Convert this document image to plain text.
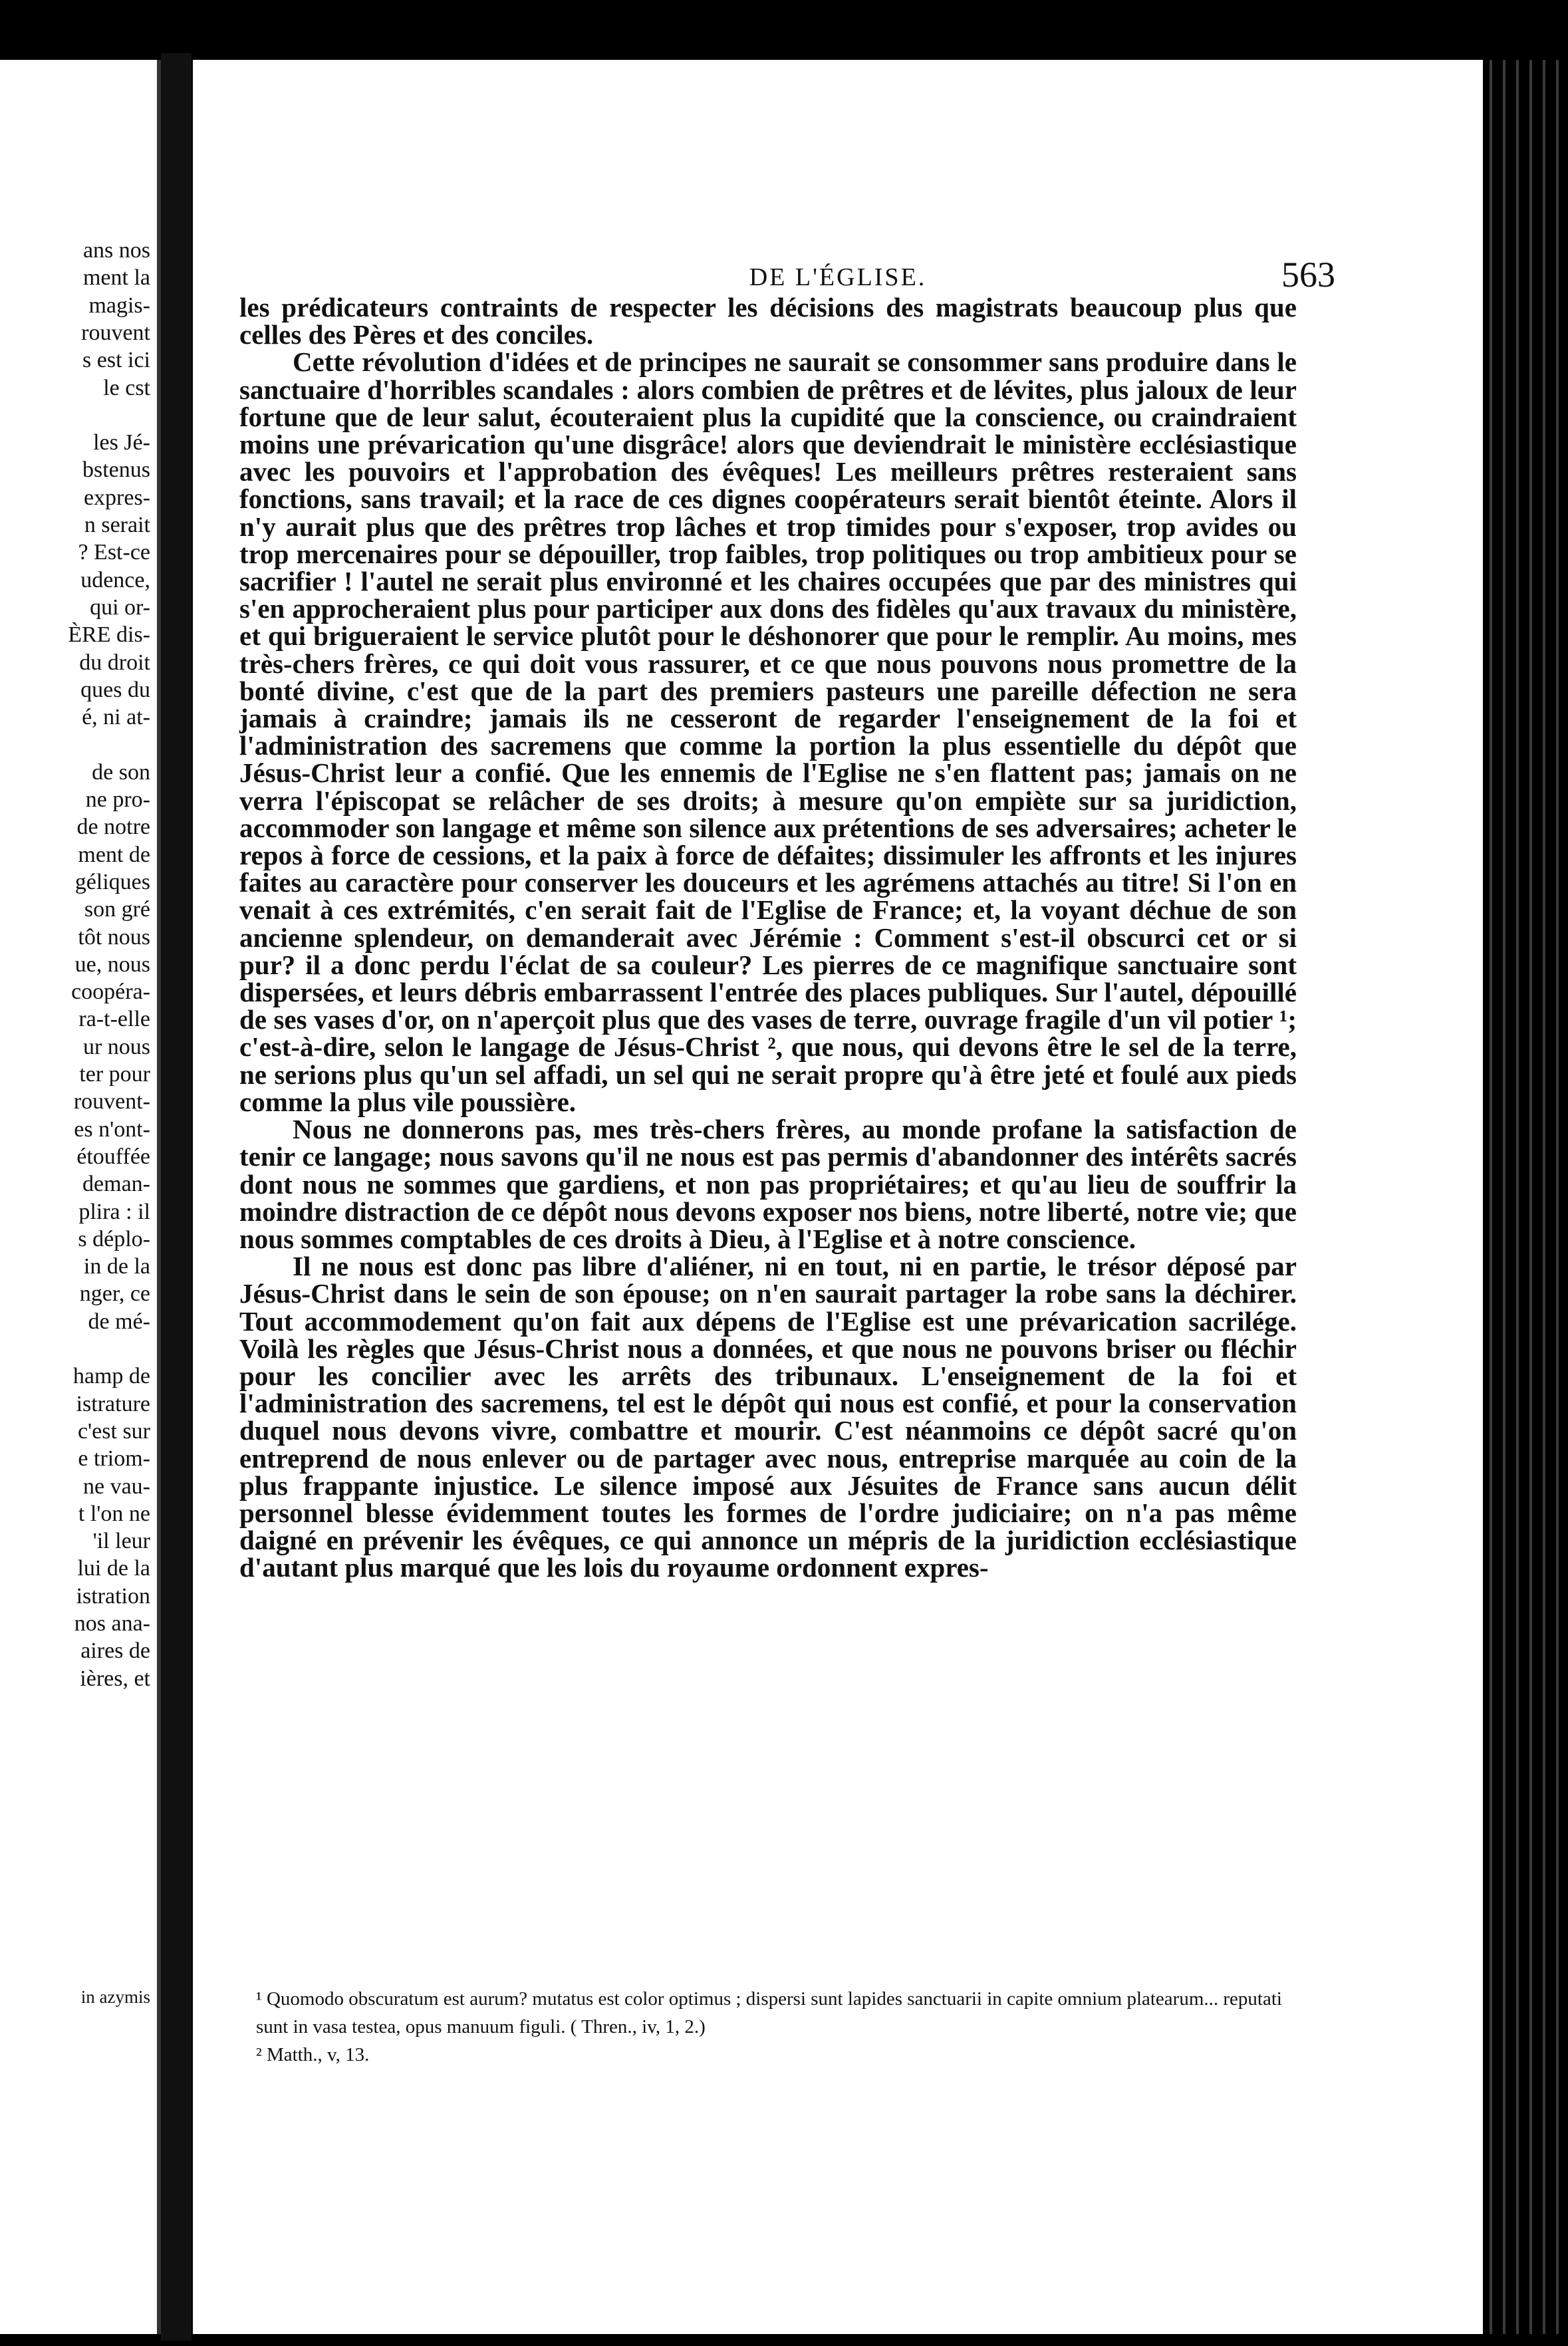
ans nos
ment la
magis-
rouvent
s est ici
le cst
les Jé-
bstenus
expres-
n serait
? Est-ce
udence,
qui or-
ÈRE dis-
du droit
ques du
é, ni at-
de son
ne pro-
de notre
ment de
géliques
son gré
tôt nous
ue, nous
coopéra-
ra-t-elle
ur nous
ter pour
rouvent-
es n'ont-
étouffée
deman-
plira : il
s déplo-
in de la
nger, ce
de mé-
hamp de
istrature
c'est sur
e triom-
ne vau-
t l'on ne
'il leur
lui de la
istration
nos ana-
aires de
ières, et
in azymis
DE L'ÉGLISE.	563

les prédicateurs contraints de respecter les décisions des magistrats beaucoup plus que celles des Pères et des conciles.

Cette révolution d'idées et de principes ne saurait se consommer sans produire dans le sanctuaire d'horribles scandales : alors combien de prêtres et de lévites, plus jaloux de leur fortune que de leur salut, écouteraient plus la cupidité que la conscience, ou craindraient moins une prévarication qu'une disgrâce! alors que deviendrait le ministère ecclésiastique avec les pouvoirs et l'approbation des évêques! Les meilleurs prêtres resteraient sans fonctions, sans travail; et la race de ces dignes coopérateurs serait bientôt éteinte. Alors il n'y aurait plus que des prêtres trop lâches et trop timides pour s'exposer, trop avides ou trop mercenaires pour se dépouiller, trop faibles, trop politiques ou trop ambitieux pour se sacrifier ! l'autel ne serait plus environné et les chaires occupées que par des ministres qui s'en approcheraient plus pour participer aux dons des fidèles qu'aux travaux du ministère, et qui brigueraient le service plutôt pour le déshonorer que pour le remplir. Au moins, mes très-chers frères, ce qui doit vous rassurer, et ce que nous pouvons nous promettre de la bonté divine, c'est que de la part des premiers pasteurs une pareille défection ne sera jamais à craindre; jamais ils ne cesseront de regarder l'enseignement de la foi et l'administration des sacremens que comme la portion la plus essentielle du dépôt que Jésus-Christ leur a confié. Que les ennemis de l'Eglise ne s'en flattent pas; jamais on ne verra l'épiscopat se relâcher de ses droits; à mesure qu'on empiète sur sa juridiction, accommoder son langage et même son silence aux prétentions de ses adversaires; acheter le repos à force de cessions, et la paix à force de défaites; dissimuler les affronts et les injures faites au caractère pour conserver les douceurs et les agrémens attachés au titre! Si l'on en venait à ces extrémités, c'en serait fait de l'Eglise de France; et, la voyant déchue de son ancienne splendeur, on demanderait avec Jérémie : Comment s'est-il obscurci cet or si pur? il a donc perdu l'éclat de sa couleur? Les pierres de ce magnifique sanctuaire sont dispersées, et leurs débris embarrassent l'entrée des places publiques. Sur l'autel, dépouillé de ses vases d'or, on n'aperçoit plus que des vases de terre, ouvrage fragile d'un vil potier ¹; c'est-à-dire, selon le langage de Jésus-Christ ², que nous, qui devons être le sel de la terre, ne serions plus qu'un sel affadi, un sel qui ne serait propre qu'à être jeté et foulé aux pieds comme la plus vile poussière.

Nous ne donnerons pas, mes très-chers frères, au monde profane la satisfaction de tenir ce langage; nous savons qu'il ne nous est pas permis d'abandonner des intérêts sacrés dont nous ne sommes que gardiens, et non pas propriétaires; et qu'au lieu de souffrir la moindre distraction de ce dépôt nous devons exposer nos biens, notre liberté, notre vie; que nous sommes comptables de ces droits à Dieu, à l'Eglise et à notre conscience.

Il ne nous est donc pas libre d'aliéner, ni en tout, ni en partie, le trésor déposé par Jésus-Christ dans le sein de son épouse; on n'en saurait partager la robe sans la déchirer. Tout accommodement qu'on fait aux dépens de l'Eglise est une prévarication sacrilége. Voilà les règles que Jésus-Christ nous a données, et que nous ne pouvons briser ou fléchir pour les concilier avec les arrêts des tribunaux. L'enseignement de la foi et l'administration des sacremens, tel est le dépôt qui nous est confié, et pour la conservation duquel nous devons vivre, combattre et mourir. C'est néanmoins ce dépôt sacré qu'on entreprend de nous enlever ou de partager avec nous, entreprise marquée au coin de la plus frappante injustice. Le silence imposé aux Jésuites de France sans aucun délit personnel blesse évidemment toutes les formes de l'ordre judiciaire; on n'a pas même daigné en prévenir les évêques, ce qui annonce un mépris de la juridiction ecclésiastique d'autant plus marqué que les lois du royaume ordonnent expres-

¹ Quomodo obscuratum est aurum? mutatus est color optimus ; dispersi sunt lapides sanctuarii in capite omnium platearum... reputati sunt in vasa testea, opus manuum figuli. ( Thren., iv, 1, 2.)
² Matth., v, 13.
